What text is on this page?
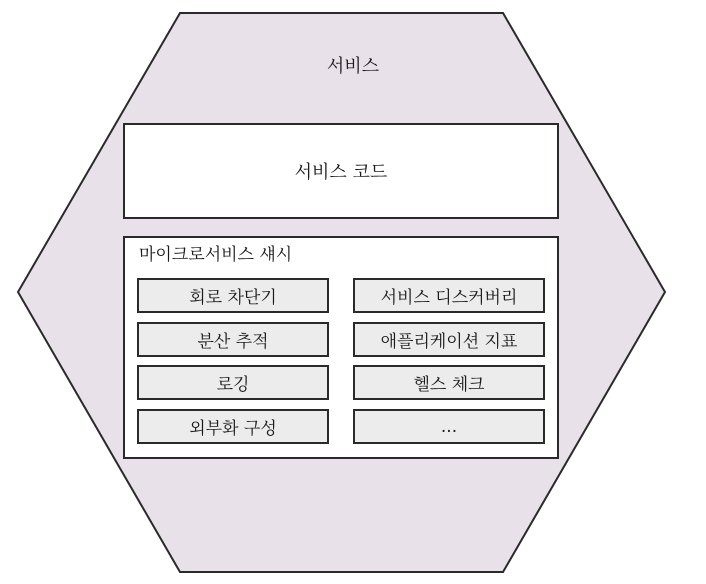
서비스
서비스 코드
마이크로서비스 섀시
회로 차단기	서비스 디스커버리
분산 추적	애플리케이션 지표
로깅	헬스 체크
외부화 구성	...
